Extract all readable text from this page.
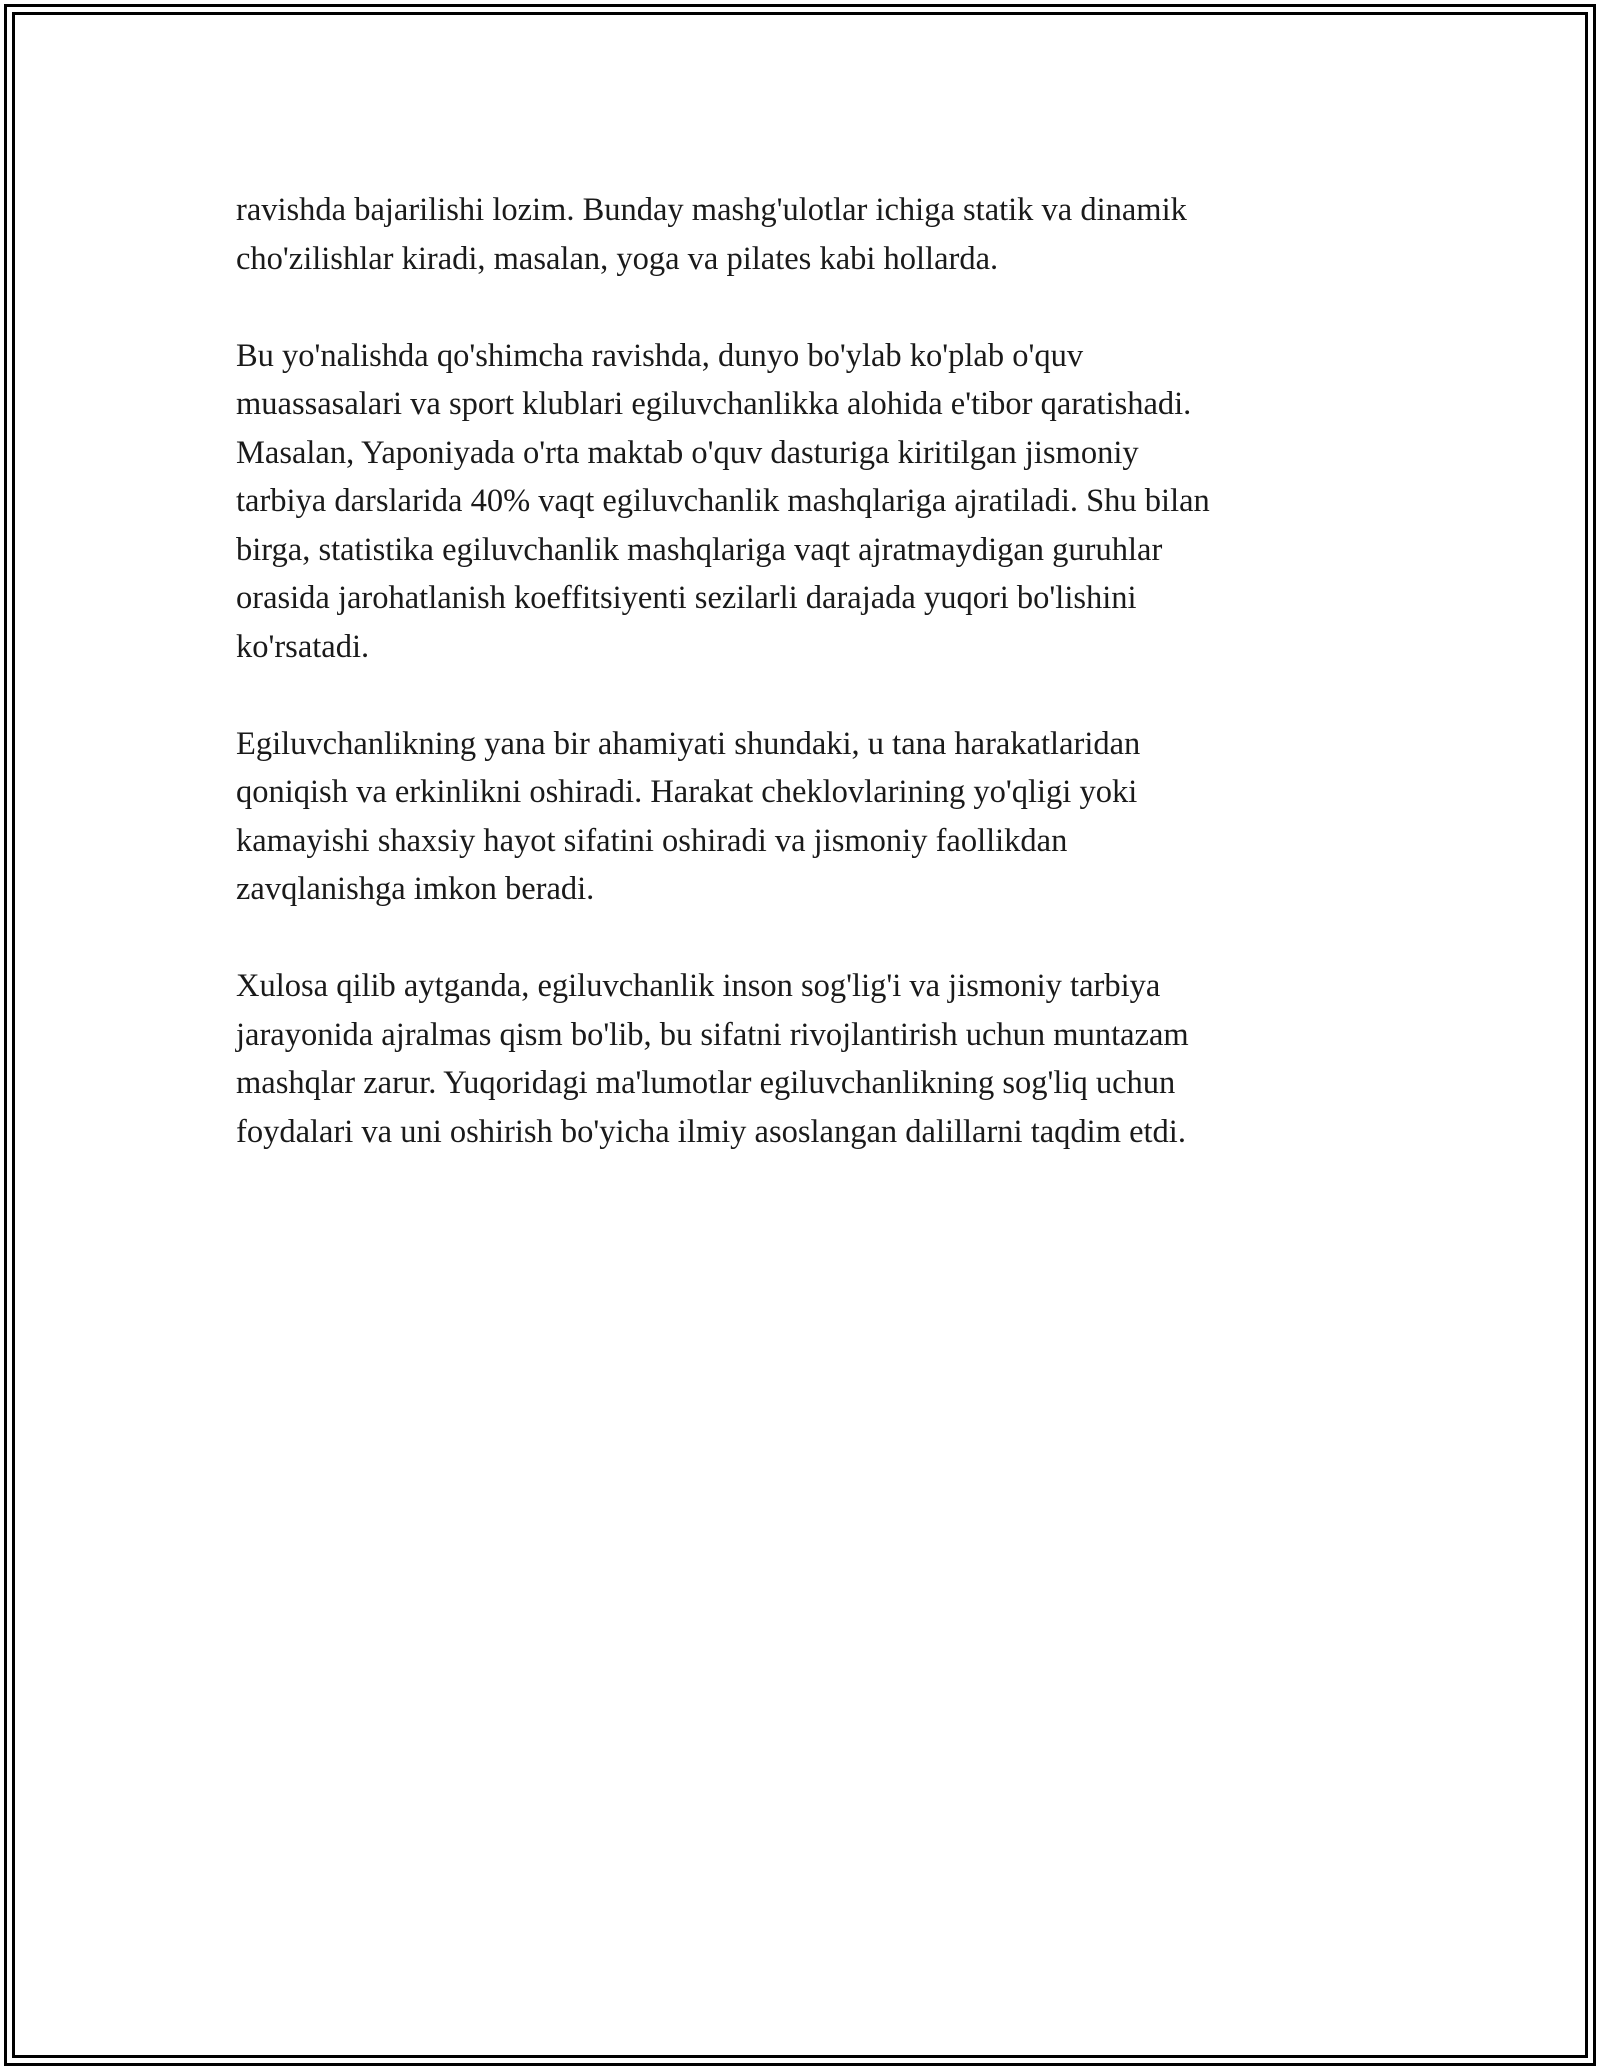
ravishda bajarilishi lozim. Bunday mashg'ulotlar ichiga statik va dinamik
cho'zilishlar kiradi, masalan, yoga va pilates kabi hollarda.

Bu yo'nalishda qo'shimcha ravishda, dunyo bo'ylab ko'plab o'quv
muassasalari va sport klublari egiluvchanlikka alohida e'tibor qaratishadi.
Masalan, Yaponiyada o'rta maktab o'quv dasturiga kiritilgan jismoniy
tarbiya darslarida 40% vaqt egiluvchanlik mashqlariga ajratiladi. Shu bilan
birga, statistika egiluvchanlik mashqlariga vaqt ajratmaydigan guruhlar
orasida jarohatlanish koeffitsiyenti sezilarli darajada yuqori bo'lishini
ko'rsatadi.

Egiluvchanlikning yana bir ahamiyati shundaki, u tana harakatlaridan
qoniqish va erkinlikni oshiradi. Harakat cheklovlarining yo'qligi yoki
kamayishi shaxsiy hayot sifatini oshiradi va jismoniy faollikdan
zavqlanishga imkon beradi.

Xulosa qilib aytganda, egiluvchanlik inson sog'lig'i va jismoniy tarbiya
jarayonida ajralmas qism bo'lib, bu sifatni rivojlantirish uchun muntazam
mashqlar zarur. Yuqoridagi ma'lumotlar egiluvchanlikning sog'liq uchun
foydalari va uni oshirish bo'yicha ilmiy asoslangan dalillarni taqdim etdi.
